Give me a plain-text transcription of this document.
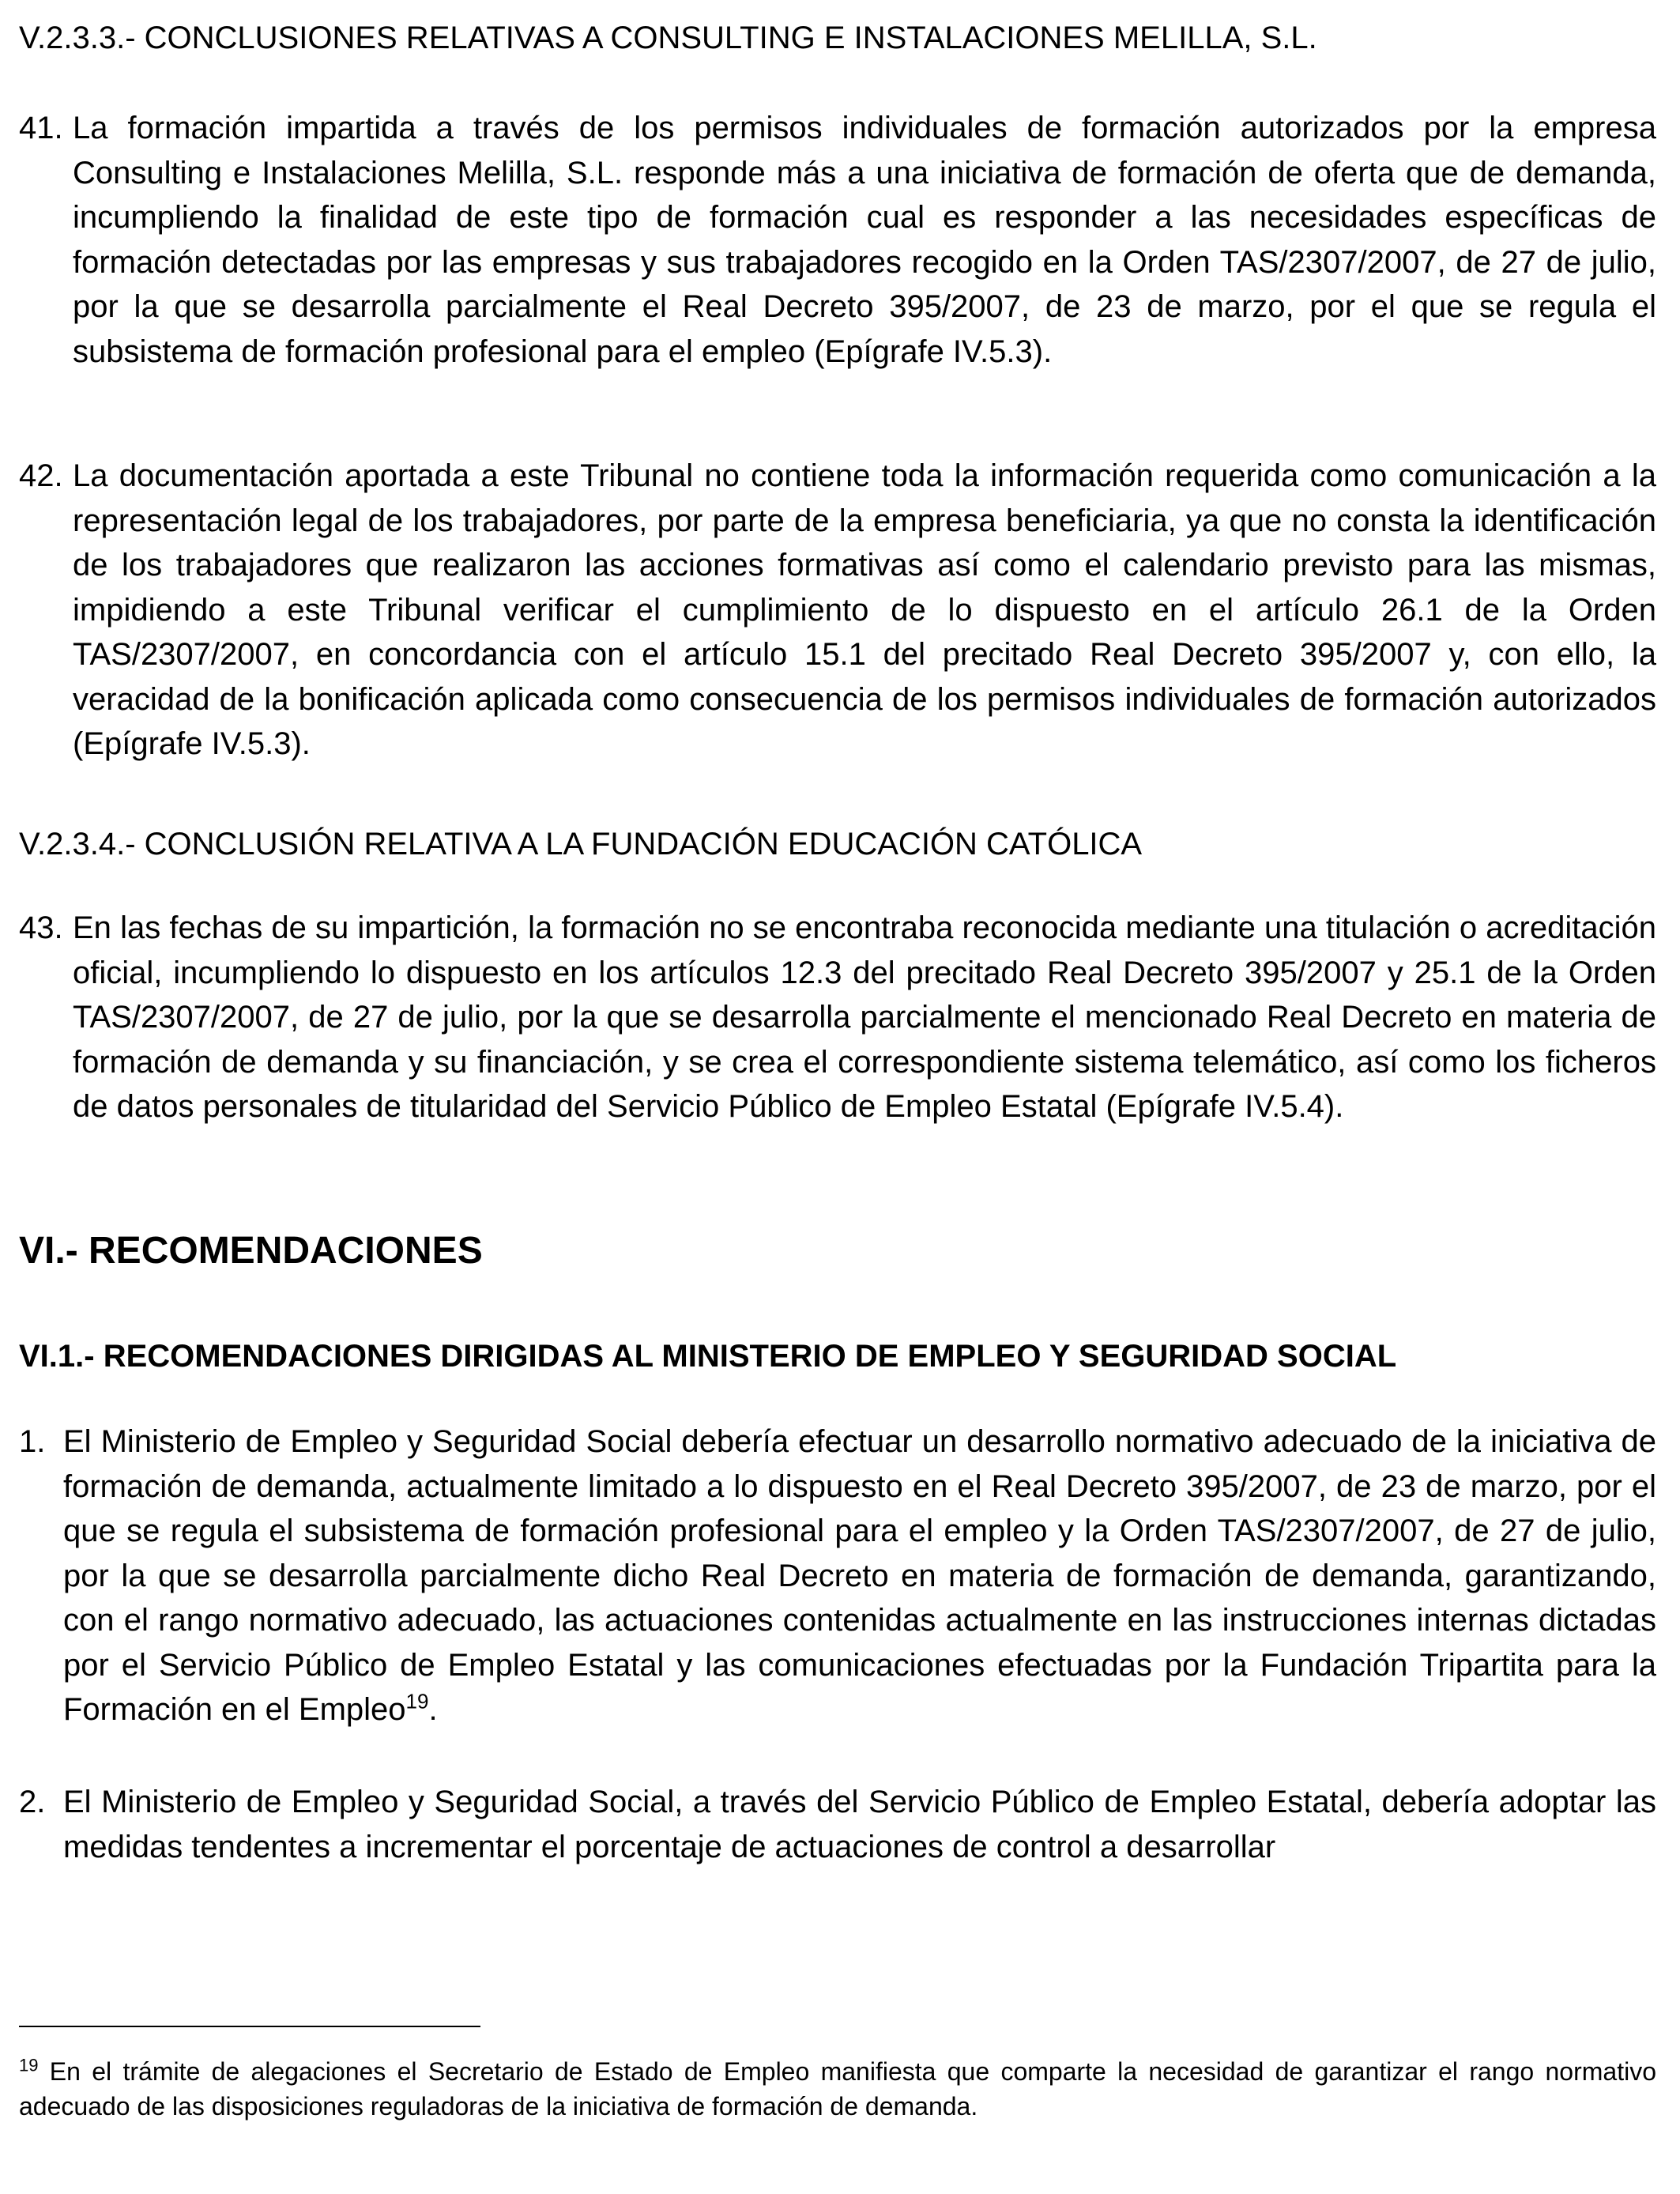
V.2.3.3.- CONCLUSIONES RELATIVAS A CONSULTING E INSTALACIONES MELILLA, S.L.
41. La formación impartida a través de los permisos individuales de formación autorizados por la empresa Consulting e Instalaciones Melilla, S.L. responde más a una iniciativa de formación de oferta que de demanda, incumpliendo la finalidad de este tipo de formación cual es responder a las necesidades específicas de formación detectadas por las empresas y sus trabajadores recogido en la Orden TAS/2307/2007, de 27 de julio, por la que se desarrolla parcialmente el Real Decreto 395/2007, de 23 de marzo, por el que se regula el subsistema de formación profesional para el empleo (Epígrafe IV.5.3).
42. La documentación aportada a este Tribunal no contiene toda la información requerida como comunicación a la representación legal de los trabajadores, por parte de la empresa beneficiaria, ya que no consta la identificación de los trabajadores que realizaron las acciones formativas así como el calendario previsto para las mismas, impidiendo a este Tribunal verificar el cumplimiento de lo dispuesto en el artículo 26.1 de la Orden TAS/2307/2007, en concordancia con el artículo 15.1 del precitado Real Decreto 395/2007 y, con ello, la veracidad de la bonificación aplicada como consecuencia de los permisos individuales de formación autorizados (Epígrafe IV.5.3).
V.2.3.4.- CONCLUSIÓN RELATIVA A LA FUNDACIÓN EDUCACIÓN CATÓLICA
43. En las fechas de su impartición, la formación no se encontraba reconocida mediante una titulación o acreditación oficial, incumpliendo lo dispuesto en los artículos 12.3 del precitado Real Decreto 395/2007 y 25.1 de la Orden TAS/2307/2007, de 27 de julio, por la que se desarrolla parcialmente el mencionado Real Decreto en materia de formación de demanda y su financiación, y se crea el correspondiente sistema telemático, así como los ficheros de datos personales de titularidad del Servicio Público de Empleo Estatal (Epígrafe IV.5.4).
VI.- RECOMENDACIONES
VI.1.- RECOMENDACIONES DIRIGIDAS AL MINISTERIO DE EMPLEO Y SEGURIDAD SOCIAL
1. El Ministerio de Empleo y Seguridad Social debería efectuar un desarrollo normativo adecuado de la iniciativa de formación de demanda, actualmente limitado a lo dispuesto en el Real Decreto 395/2007, de 23 de marzo, por el que se regula el subsistema de formación profesional para el empleo y la Orden TAS/2307/2007, de 27 de julio, por la que se desarrolla parcialmente dicho Real Decreto en materia de formación de demanda, garantizando, con el rango normativo adecuado, las actuaciones contenidas actualmente en las instrucciones internas dictadas por el Servicio Público de Empleo Estatal y las comunicaciones efectuadas por la Fundación Tripartita para la Formación en el Empleo$^{19}$.
2. El Ministerio de Empleo y Seguridad Social, a través del Servicio Público de Empleo Estatal, debería adoptar las medidas tendentes a incrementar el porcentaje de actuaciones de control a desarrollar
$^{19}$ En el trámite de alegaciones el Secretario de Estado de Empleo manifiesta que comparte la necesidad de garantizar el rango normativo adecuado de las disposiciones reguladoras de la iniciativa de formación de demanda.
